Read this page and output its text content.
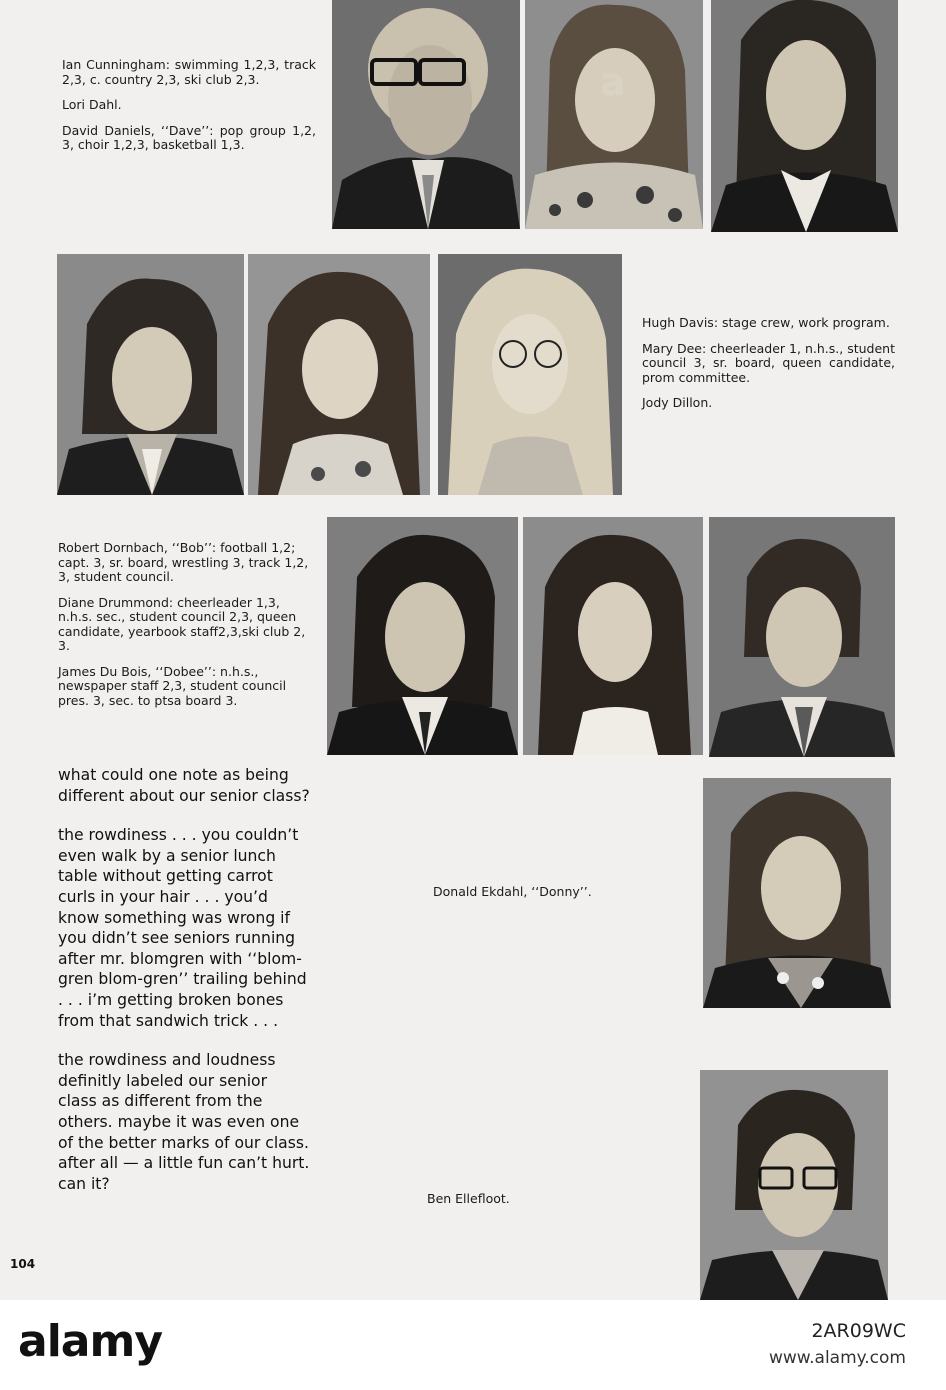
Ian Cunningham: swimming 1,2,3, track 2,3, c. country 2,3, ski club 2,3.

Lori Dahl.

David Daniels, ‘‘Dave’’: pop group 1,2, 3, choir 1,2,3, basketball 1,3.

Hugh Davis: stage crew, work program.

Mary Dee: cheerleader 1, n.h.s., student council 3, sr. board, queen candidate, prom committee.

Jody Dillon.

Robert Dornbach, ‘‘Bob’’: football 1,2; capt. 3, sr. board, wrestling 3, track 1,2, 3, student council.

Diane Drummond: cheerleader 1,3, n.h.s. sec., student council 2,3, queen candidate, yearbook staff2,3,ski club 2, 3.

James Du Bois, ‘‘Dobee’’: n.h.s., newspaper staff 2,3, student council pres. 3, sec. to ptsa board 3.

what could one note as being different about our senior class?

the rowdiness . . . you couldn’t even walk by a senior lunch table without getting carrot curls in your hair . . . you’d know something was wrong if you didn’t see seniors running after mr. blomgren with ‘‘blom-gren blom-gren’’ trailing behind . . . i’m getting broken bones from that sandwich trick . . .

the rowdiness and loudness definitly labeled our senior class as different from the others. maybe it was even one of the better marks of our class. after all — a little fun can’t hurt. can it?

Donald Ekdahl, ‘‘Donny’’.
Ben Ellefloot.
104
a
alamy	2AR09WC
www.alamy.com
